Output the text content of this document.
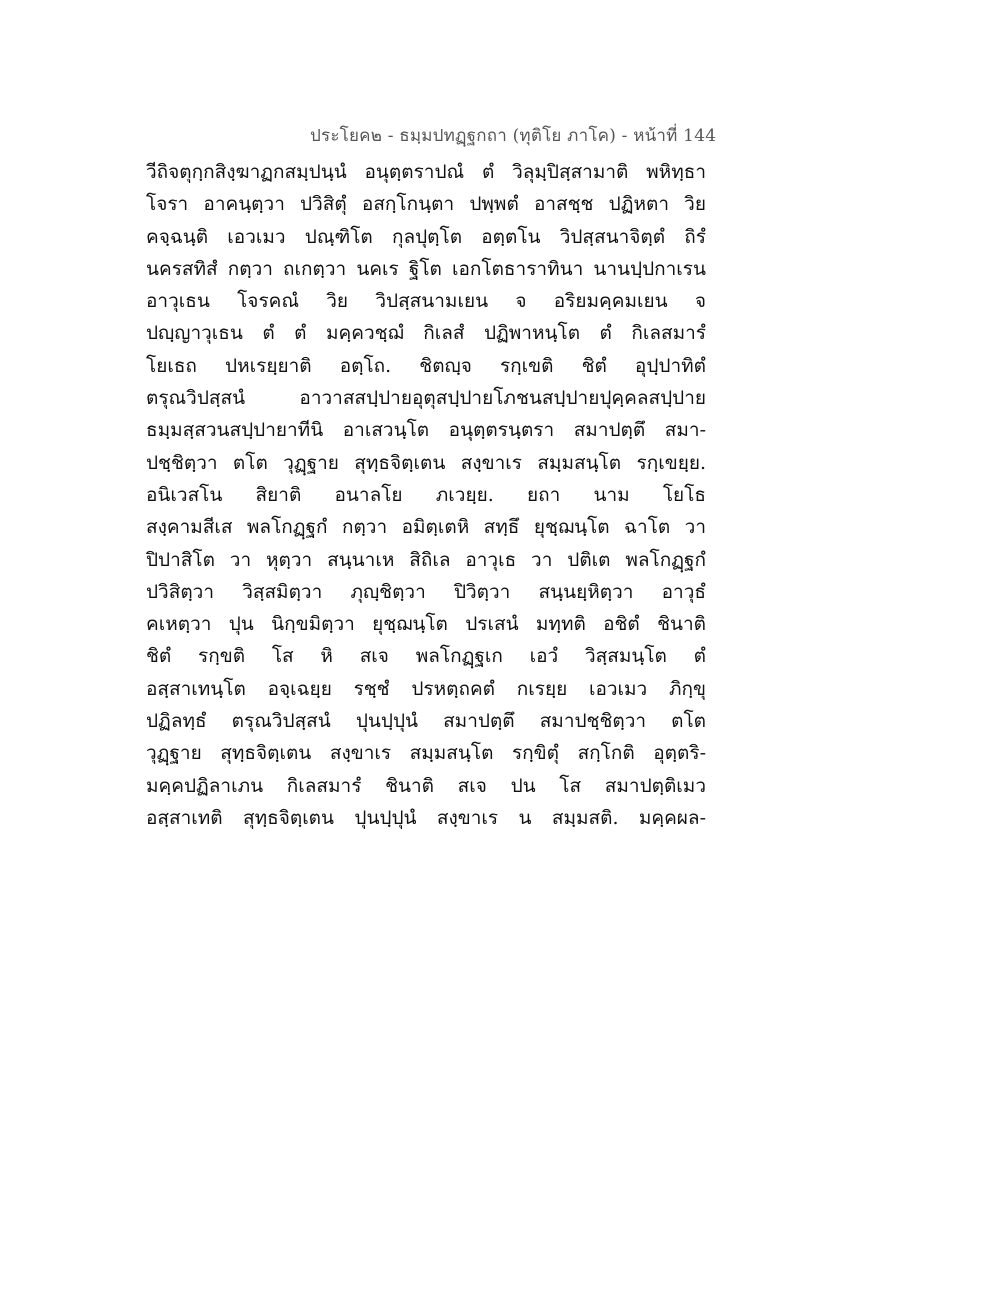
ประโยค๒ - ธมฺมปทฏฺฐกถา (ทุติโย ภาโค) - หน้าที่ 144
วีถิจตุกฺกสิงฺฆาฏกสมฺปนฺนํ อนุตฺตราปณํ ตํ วิลุมฺปิสฺสามาติ พหิทฺธา
โจรา อาคนฺตฺวา ปวิสิตุํ อสกฺโกนฺตา ปพฺพตํ อาสชฺช ปฏิหตา วิย
คจฺฉนฺติ เอวเมว ปณฺฑิโต กุลปุตฺโต อตฺตโน วิปสฺสนาจิตฺตํ ถิรํ
นครสทิสํ กตฺวา ถเกตฺวา นคเร ฐิโต เอกโตธาราทินา นานปฺปกาเรน
อาวุเธน โจรคณํ วิย วิปสฺสนามเยน จ อริยมคฺคมเยน จ
ปญฺญาวุเธน ตํ ตํ มคฺควชฺฌํ กิเลสํ ปฏิพาหนฺโต ตํ กิเลสมารํ
โยเธถ ปหเรยฺยาติ อตฺโถ. ชิตญฺจ รกฺเขติ ชิตํ อุปฺปาทิตํ
ตรุณวิปสฺสนํ อาวาสสปฺปายอุตุสปฺปายโภชนสปฺปายปุคฺคลสปฺปาย
ธมฺมสฺสวนสปฺปายาทีนิ อาเสวนฺโต อนุตฺตรนฺตรา สมาปตฺตึ สมา-
ปชฺชิตฺวา ตโต วุฏฺฐาย สุทฺธจิตฺเตน สงฺขาเร สมฺมสนฺโต รกฺเขยฺย.
อนิเวสโน สิยาติ อนาลโย ภเวยฺย. ยถา นาม โยโธ
สงฺคามสีเส พลโกฏฺฐกํ กตฺวา อมิตฺเตหิ สทฺธึ ยุชฺฌนฺโต ฉาโต วา
ปิปาสิโต วา หุตฺวา สนฺนาเห สิถิเล อาวุเธ วา ปติเต พลโกฏฺฐกํ
ปวิสิตฺวา วิสฺสมิตฺวา ภุญฺชิตฺวา ปิวิตฺวา สนฺนยฺหิตฺวา อาวุธํ
คเหตฺวา ปุน นิกฺขมิตฺวา ยุชฺฌนฺโต ปรเสนํ มทฺทติ อชิตํ ชินาติ
ชิตํ รกฺขติ โส หิ สเจ พลโกฏฺฐเก เอวํ วิสฺสมนฺโต ตํ
อสฺสาเทนฺโต อจฺเฉยฺย รชฺชํ ปรหตฺถคตํ กเรยฺย เอวเมว ภิกฺขุ
ปฏิลทฺธํ ตรุณวิปสฺสนํ ปุนปฺปุนํ สมาปตฺตึ สมาปชฺชิตฺวา ตโต
วุฏฺฐาย สุทฺธจิตฺเตน สงฺขาเร สมฺมสนฺโต รกฺขิตุํ สกฺโกติ อุตฺตริ-
มคฺคปฏิลาเภน กิเลสมารํ ชินาติ สเจ ปน โส สมาปตฺติเมว
อสฺสาเทติ สุทฺธจิตฺเตน ปุนปฺปุนํ สงฺขาเร น สมฺมสติ. มคฺคผล-
